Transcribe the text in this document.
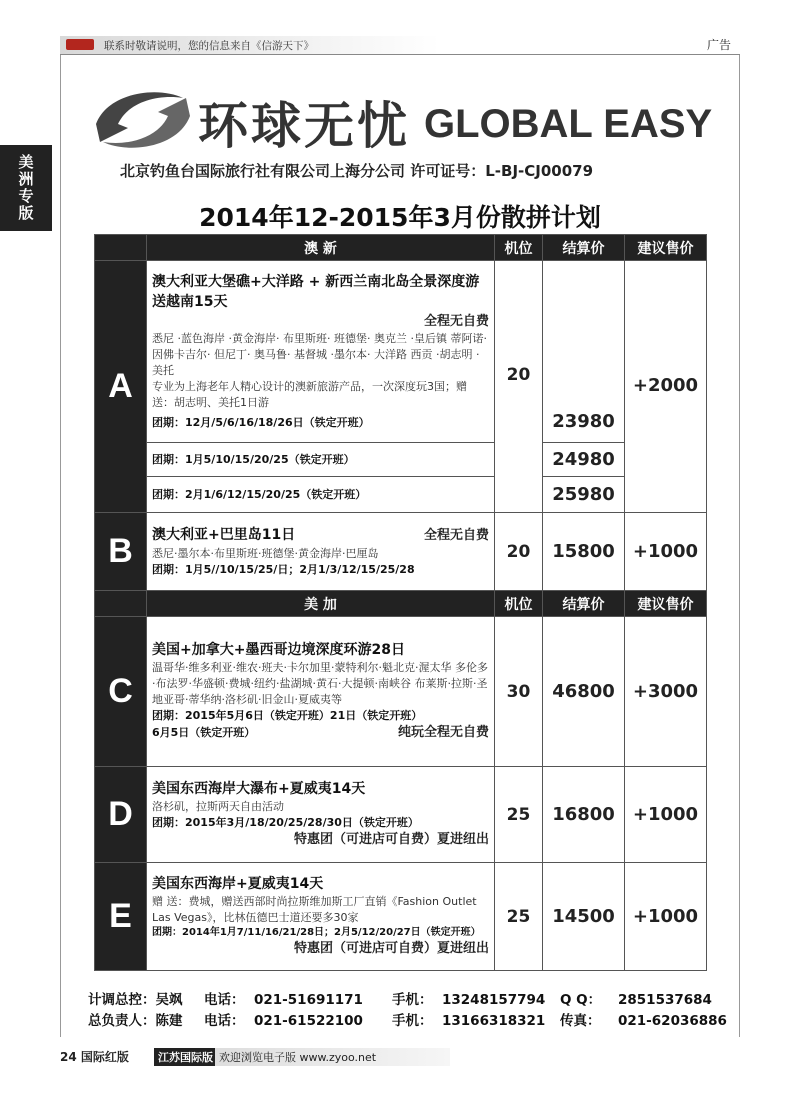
联系时敬请说明，您的信息来自《信游天下》	广告
美洲专版
环球无忧 GLOBAL EASY
北京钓鱼台国际旅行社有限公司上海分公司 许可证号：L-BJ-CJ00079
2014年12-2015年3月份散拼计划
	澳 新	机位	结算价	建议售价
A	澳大利亚大堡礁+大洋路 + 新西兰南北岛全景深度游送越南15天
全程无自费
悉尼 ·蓝色海岸 ·黄金海岸· 布里斯班· 班德堡· 奥克兰 ·皇后镇 蒂阿诺· 因佛卡吉尔· 但尼丁· 奥马鲁· 基督城 ·墨尔本· 大洋路 西贡 ·胡志明 ·美托
专业为上海老年人精心设计的澳新旅游产品，一次深度玩3国；赠 送：胡志明、美托1日游
团期：12月/5/6/16/18/26日（铁定开班）	20	23980	+2000
	团期：1月5/10/15/20/25（铁定开班）		24980	
	团期：2月1/6/12/15/20/25（铁定开班）		25980	
B	澳大利亚+巴里岛11日 全程无自费
悉尼·墨尔本·布里斯班·班德堡·黄金海岸·巴厘岛
团期：1月5//10/15/25/日；2月1/3/12/15/25/28	20	15800	+1000
	美 加	机位	结算价	建议售价
C	美国+加拿大+墨西哥边境深度环游28日
温哥华·维多利亚·维农·班夫·卡尔加里·蒙特利尔·魁北克·渥太华 多伦多·布法罗·华盛顿·费城·纽约·盐湖城·黄石·大提顿·南峡谷 布莱斯·拉斯·圣地亚哥·蒂华纳·洛杉矶·旧金山·夏威夷等
团期：2015年5月6日（铁定开班）21日（铁定开班）
6月5日（铁定开班） 纯玩全程无自费	30	46800	+3000
D	美国东西海岸大瀑布+夏威夷14天
洛杉矶，拉斯两天自由活动
团期：2015年3月/18/20/25/28/30日（铁定开班）
特惠团（可进店可自费）夏进纽出	25	16800	+1000
E	美国东西海岸+夏威夷14天
赠 送：费城，赠送西部时尚拉斯维加斯工厂直销《Fashion Outlet Las Vegas》，比林伍德巴士道还要多30家
团期：2014年1月7/11/16/21/28日；2月5/12/20/27日（铁定开班）
特惠团（可进店可自费）夏进纽出	25	14500	+1000
计调总控：吴飒	电话： 021-51691171	手机： 13248157794	Q Q：	2851537684
总负责人：陈建	电话： 021-61522100	手机： 13166318321	传真：	021-62036886
24 国际红版	江苏国际版 欢迎浏览电子版 www.zyoo.net
